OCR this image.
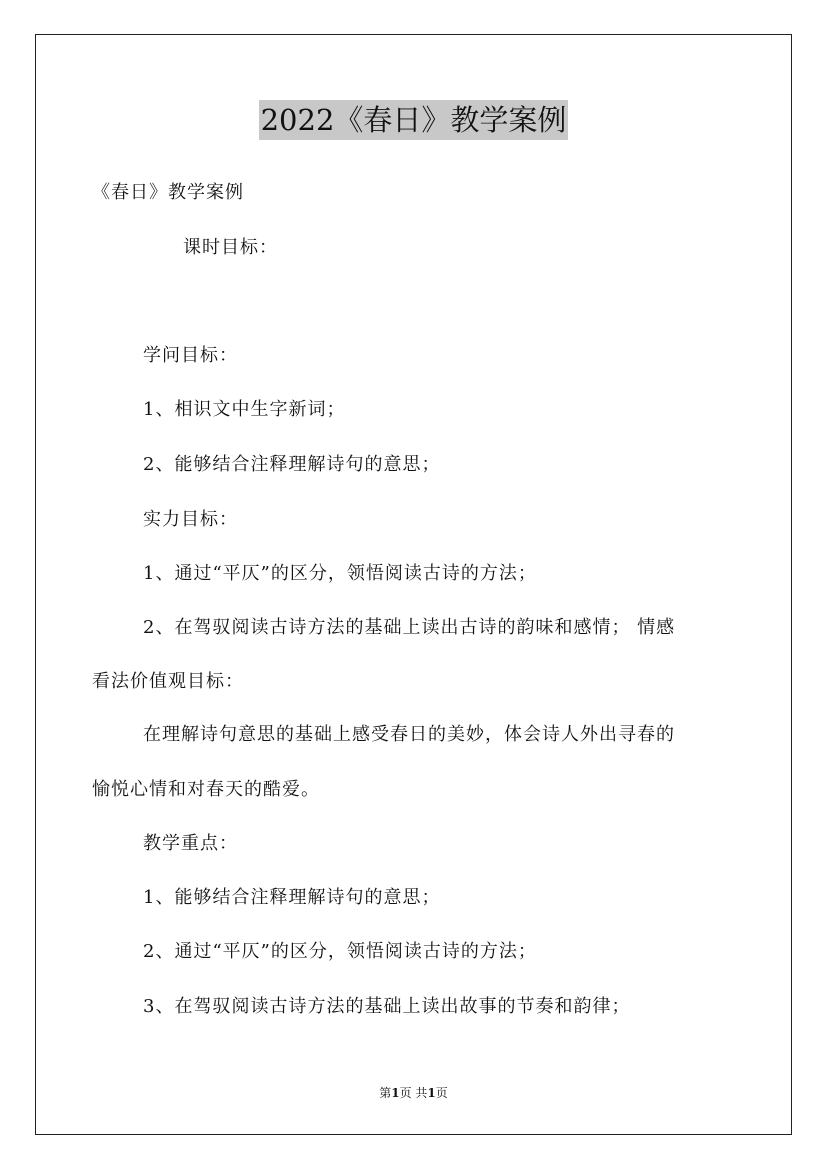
2022《春日》教学案例
《春日》教学案例
课时目标：
学问目标：
1、相识文中生字新词；
2、能够结合注释理解诗句的意思；
实力目标：
1、通过“平仄”的区分，领悟阅读古诗的方法；
2、在驾驭阅读古诗方法的基础上读出古诗的韵味和感情； 情感
看法价值观目标：
在理解诗句意思的基础上感受春日的美妙，体会诗人外出寻春的
愉悦心情和对春天的酷爱。
教学重点：
1、能够结合注释理解诗句的意思；
2、通过“平仄”的区分，领悟阅读古诗的方法；
3、在驾驭阅读古诗方法的基础上读出故事的节奏和韵律；
第1页 共1页
